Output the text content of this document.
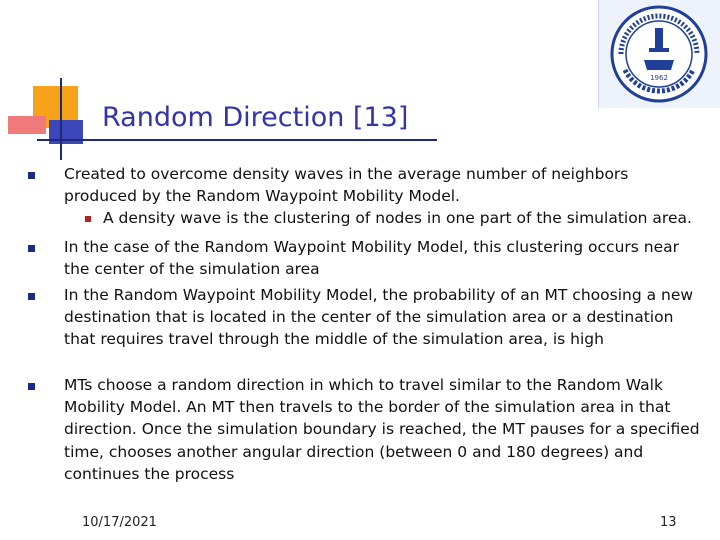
1962
Random Direction [13]
Created to overcome density waves in the average number of neighbors produced by the Random Waypoint Mobility Model.
A density wave is the clustering of nodes in one part of the simulation area.
In the case of the Random Waypoint Mobility Model, this clustering occurs near the center of the simulation area
In the Random Waypoint Mobility Model, the probability of an MT choosing a new destination that is located in the center of the simulation area or a destination that requires travel through the middle of the simulation area, is high
MTs choose a random direction in which to travel similar to the Random Walk Mobility Model. An MT then travels to the border of the simulation area in that direction. Once the simulation boundary is reached, the MT pauses for a specified time, chooses another angular direction (between 0 and 180 degrees) and continues the process
10/17/2021	13
